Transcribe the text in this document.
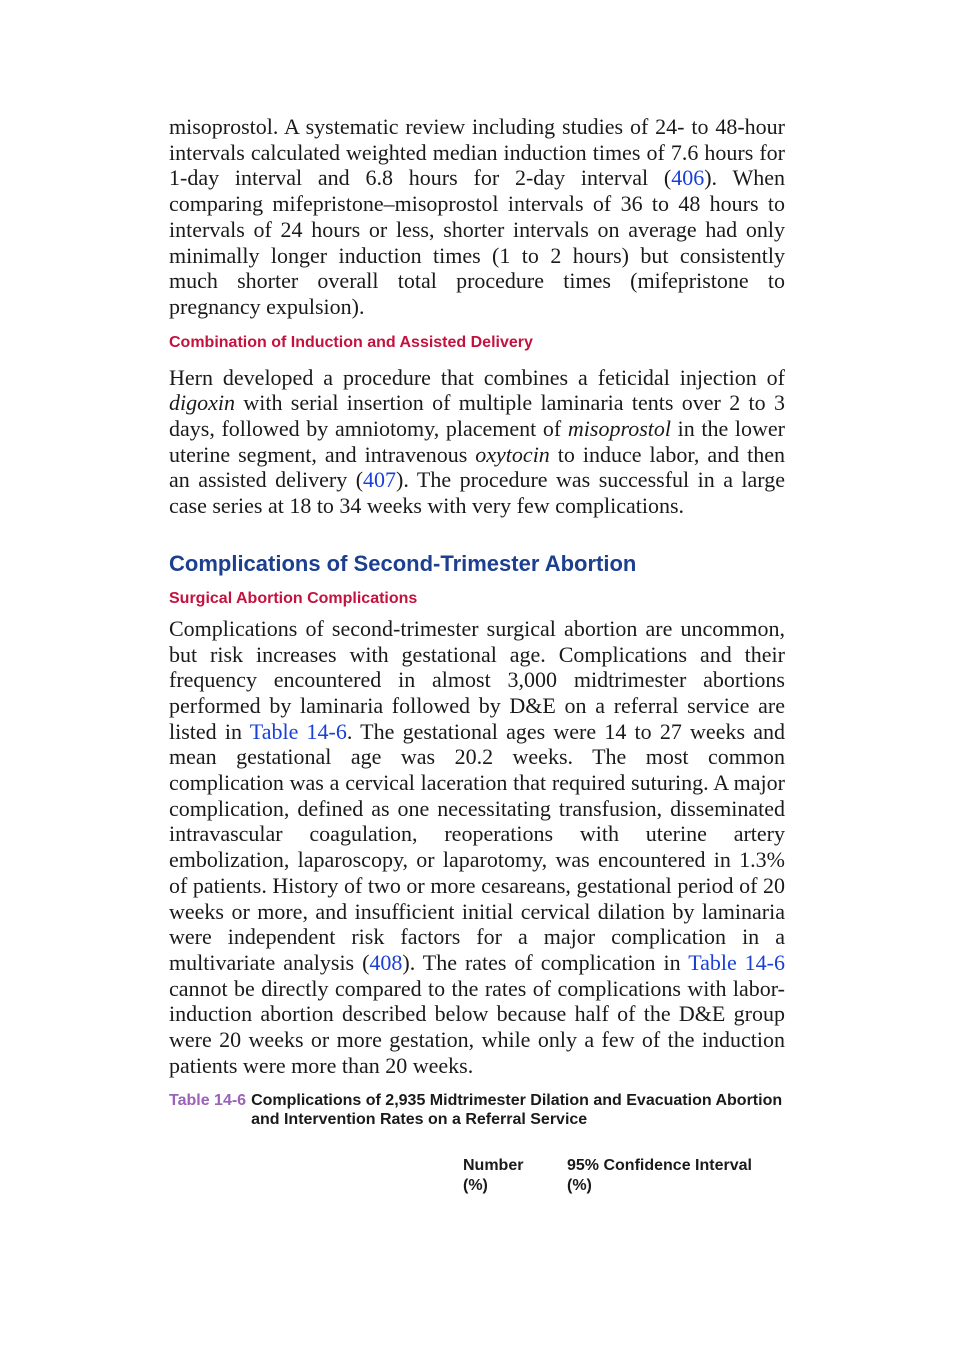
misoprostol. A systematic review including studies of 24- to 48-hour intervals calculated weighted median induction times of 7.6 hours for 1-day interval and 6.8 hours for 2-day interval (406). When comparing mifepristone–misoprostol intervals of 36 to 48 hours to intervals of 24 hours or less, shorter intervals on average had only minimally longer induction times (1 to 2 hours) but consistently much shorter overall total procedure times (mifepristone to pregnancy expulsion).

Combination of Induction and Assisted Delivery

Hern developed a procedure that combines a feticidal injection of digoxin with serial insertion of multiple laminaria tents over 2 to 3 days, followed by amniotomy, placement of misoprostol in the lower uterine segment, and intravenous oxytocin to induce labor, and then an assisted delivery (407). The procedure was successful in a large case series at 18 to 34 weeks with very few complications.

Complications of Second-Trimester Abortion
Surgical Abortion Complications

Complications of second-trimester surgical abortion are uncommon, but risk increases with gestational age. Complications and their frequency encountered in almost 3,000 midtrimester abortions performed by laminaria followed by D&E on a referral service are listed in Table 14-6. The gestational ages were 14 to 27 weeks and mean gestational age was 20.2 weeks. The most common complication was a cervical laceration that required suturing. A major complication, defined as one necessitating transfusion, disseminated intravascular coagulation, reoperations with uterine artery embolization, laparoscopy, or laparotomy, was encountered in 1.3% of patients. History of two or more cesareans, gestational period of 20 weeks or more, and insufficient initial cervical dilation by laminaria were independent risk factors for a major complication in a multivariate analysis (408). The rates of complication in Table 14-6 cannot be directly compared to the rates of complications with labor-induction abortion described below because half of the D&E group were 20 weeks or more gestation, while only a few of the induction patients were more than 20 weeks.

Table 14-6 Complications of 2,935 Midtrimester Dilation and Evacuation Abortion and Intervention Rates on a Referral Service
Number
(%)
95% Confidence Interval
(%)
